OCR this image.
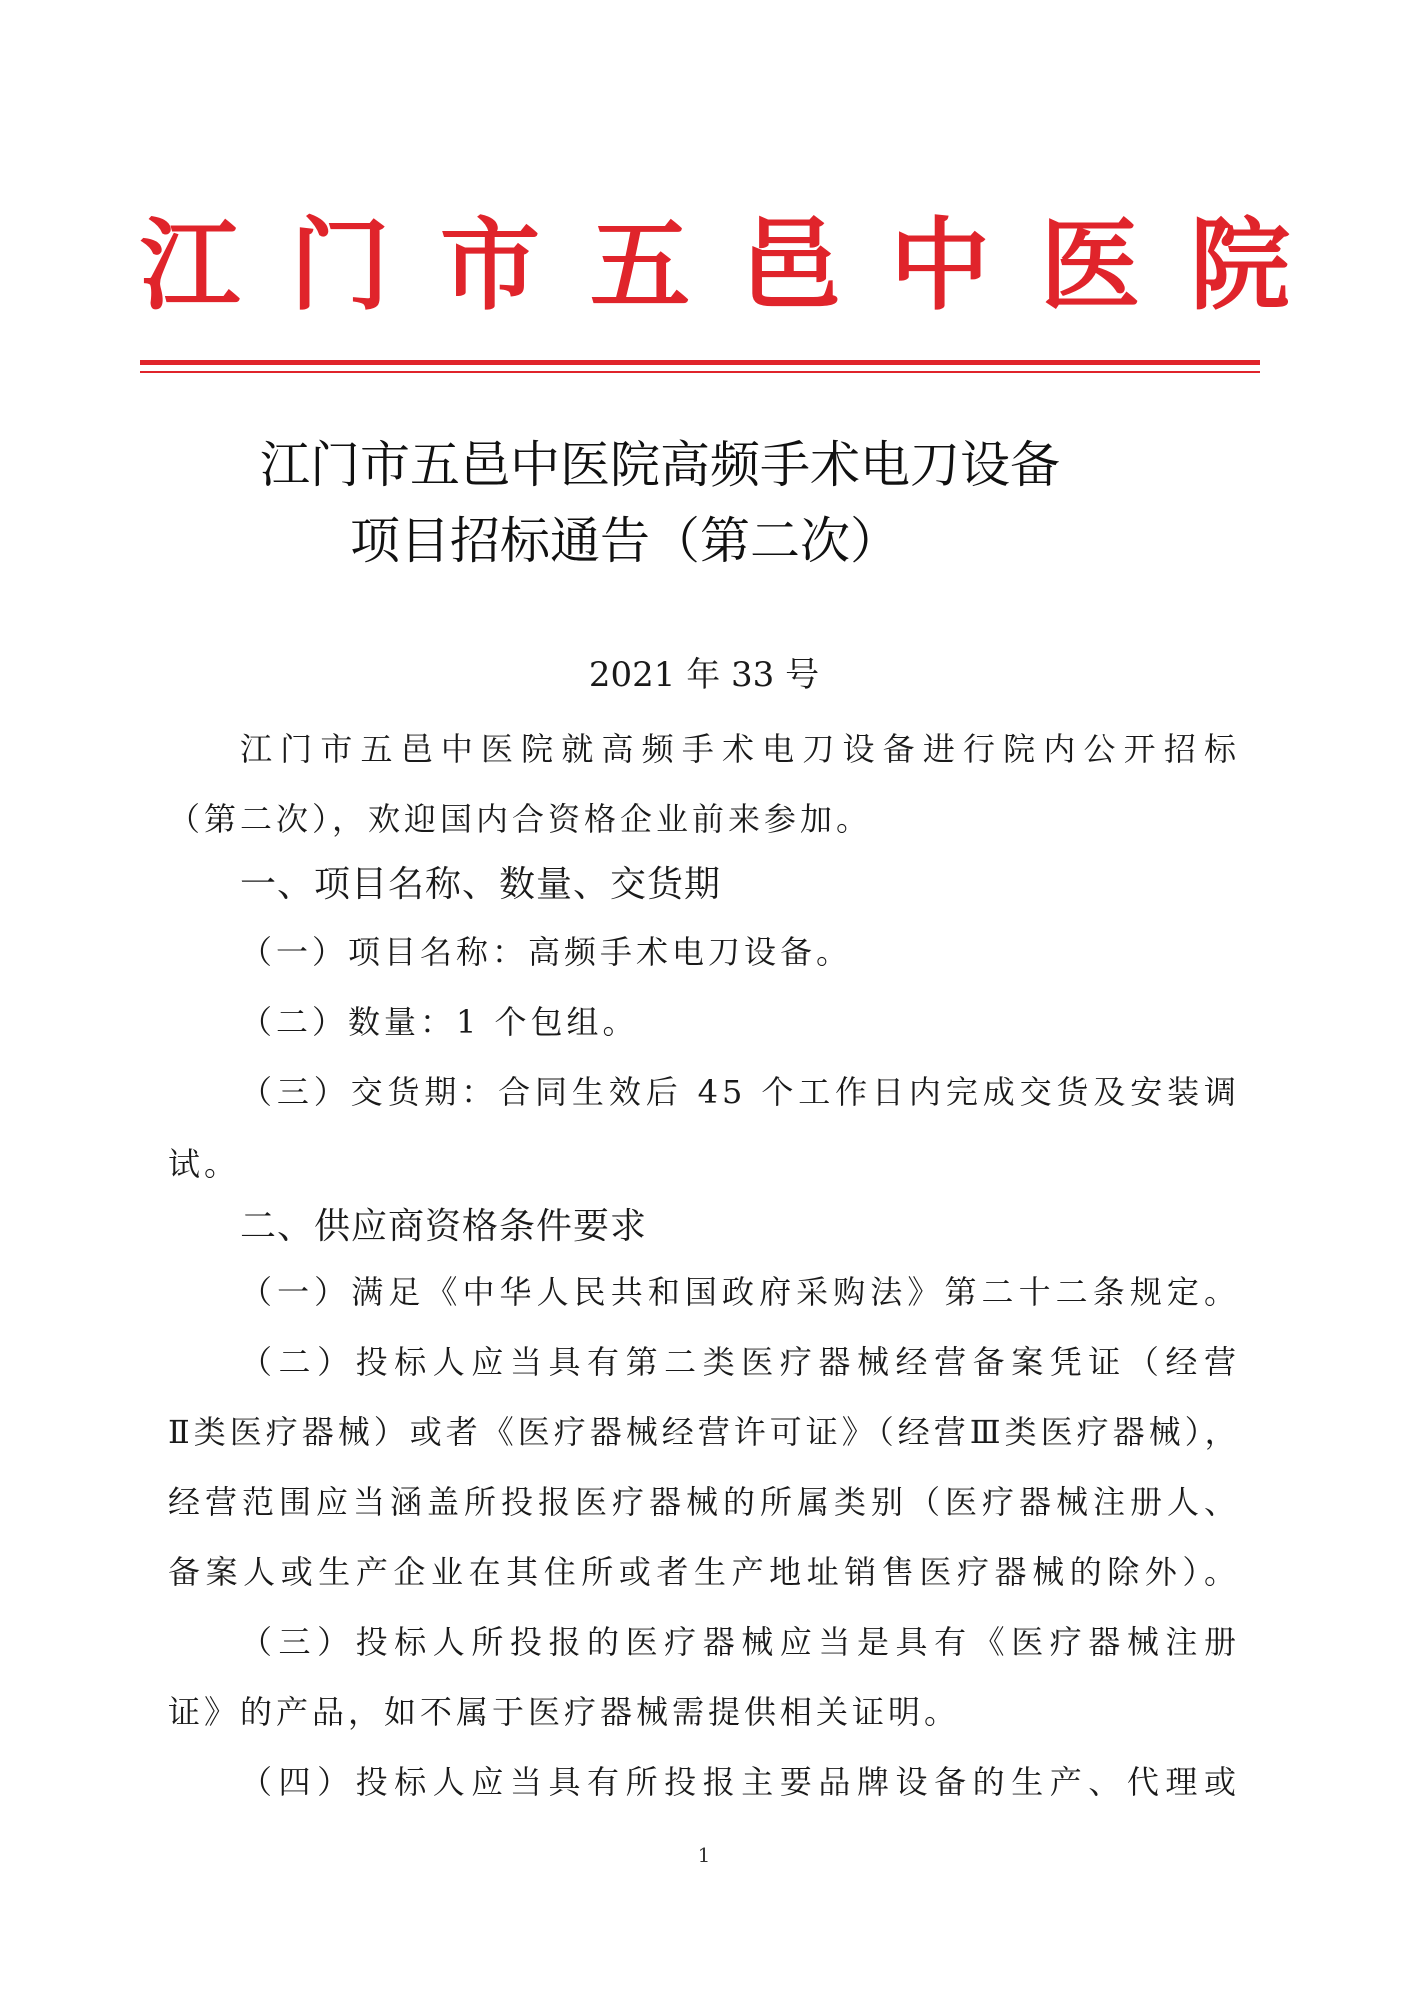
江门市五邑中医院
江门市五邑中医院高频手术电刀设备
项目招标通告（第二次）
2021 年 33 号
江门市五邑中医院就高频手术电刀设备进行院内公开招标
（第二次），欢迎国内合资格企业前来参加。
一、项目名称、数量、交货期
（一）项目名称：高频手术电刀设备。
（二）数量：1 个包组。
（三）交货期：合同生效后 45 个工作日内完成交货及安装调
试。
二、供应商资格条件要求
（一）满足《中华人民共和国政府采购法》第二十二条规定。
（二）投标人应当具有第二类医疗器械经营备案凭证（经营
Ⅱ类医疗器械）或者《医疗器械经营许可证》（经营Ⅲ类医疗器械），
经营范围应当涵盖所投报医疗器械的所属类别（医疗器械注册人、
备案人或生产企业在其住所或者生产地址销售医疗器械的除外）。
（三）投标人所投报的医疗器械应当是具有《医疗器械注册
证》的产品，如不属于医疗器械需提供相关证明。
（四）投标人应当具有所投报主要品牌设备的生产、代理或
1
